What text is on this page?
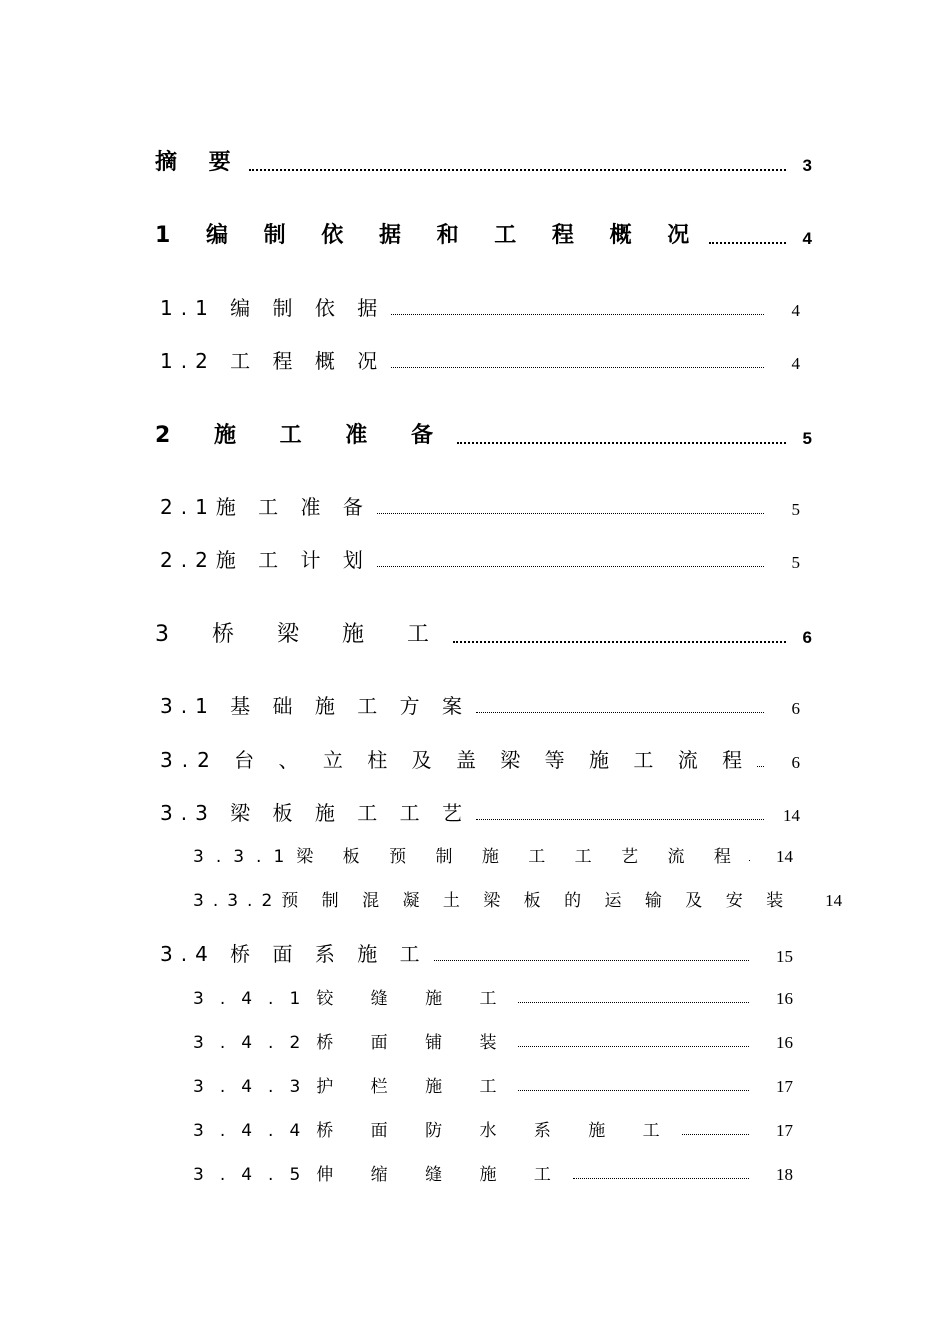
摘 要	3
1 编 制 依 据 和 工 程 概 况	4
1.1 编 制 依 据	4
1.2 工 程 概 况	4
2 施 工 准 备	5
2.1施 工 准 备	5
2.2施 工 计 划	5
3 桥 梁 施 工	6
3.1 基 础 施 工 方 案	6
3.2 台 、 立 柱 及 盖 梁 等 施 工 流 程	6
3.3 梁 板 施 工 工 艺	14
3.3.1梁 板 预 制 施 工 工 艺 流 程	14
3.3.2预 制 混 凝 土 梁 板 的 运 输 及 安 装	14
3.4 桥 面 系 施 工	15
3.4.1铰 缝 施 工	16
3.4.2桥 面 铺 装	16
3.4.3护 栏 施 工	17
3.4.4桥 面 防 水 系 施 工	17
3.4.5伸 缩 缝 施 工	18
